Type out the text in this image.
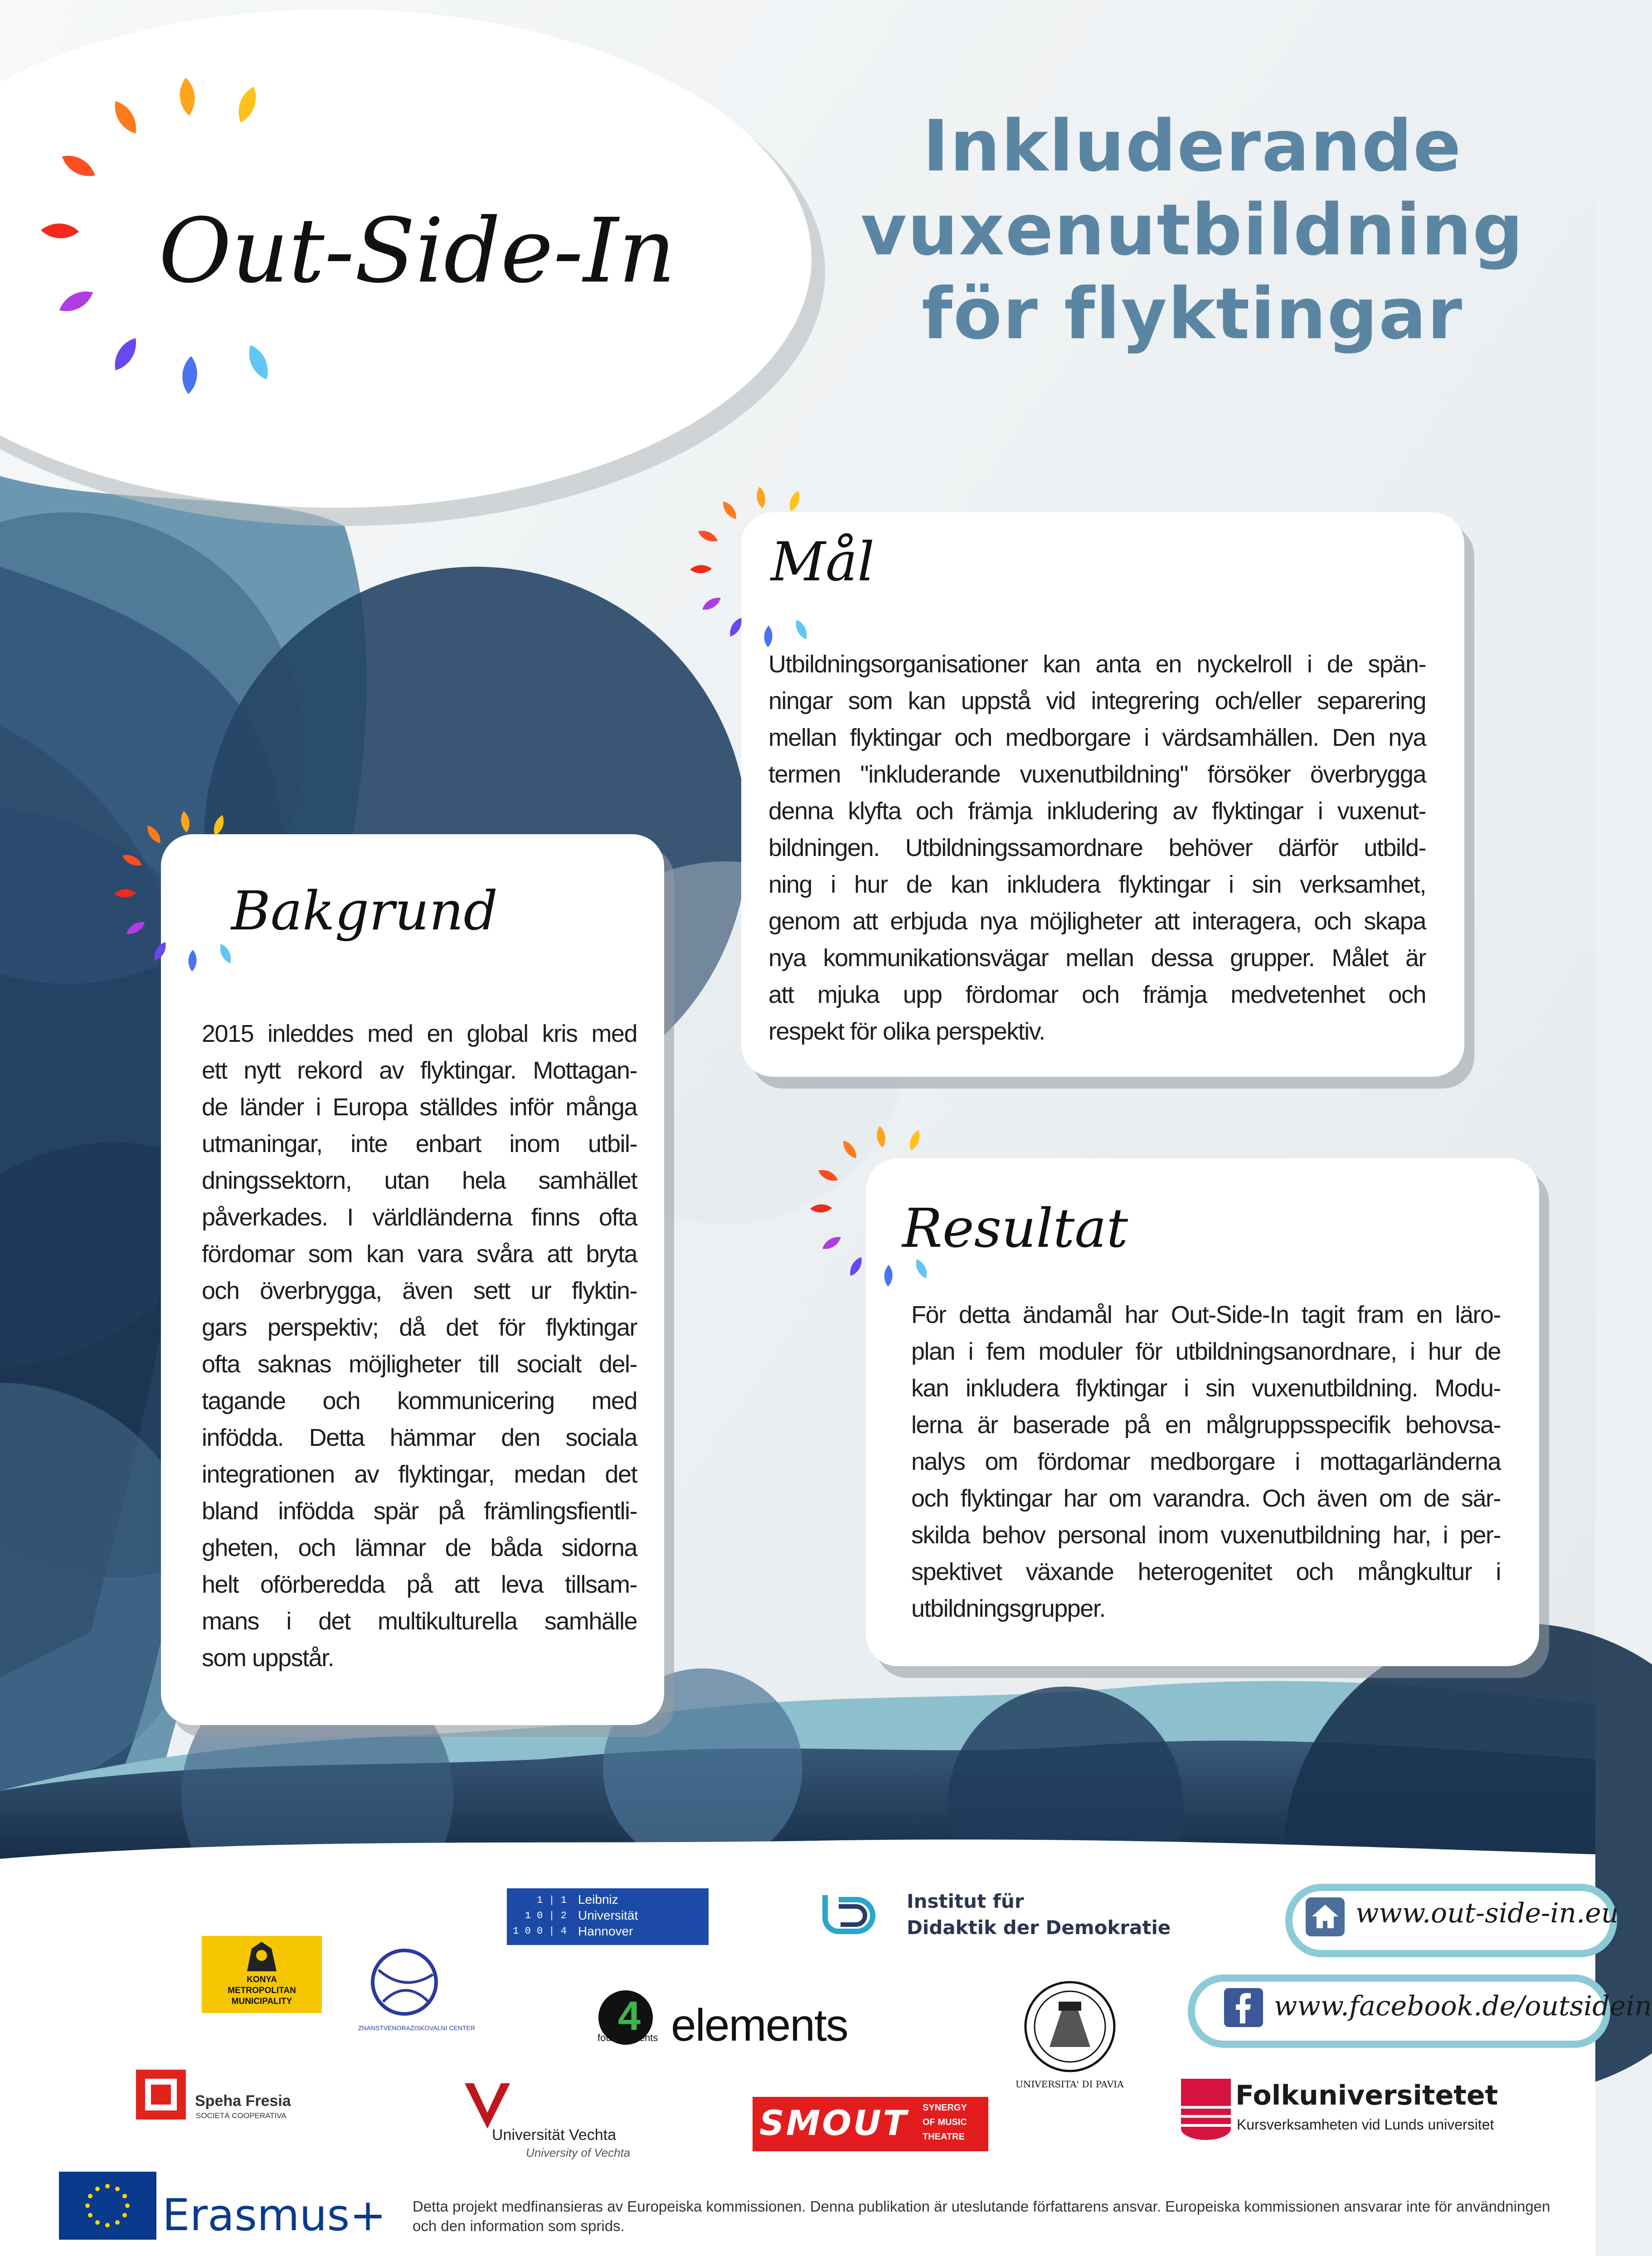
Out-Side-In
Inkluderande
vuxenutbildning
för flyktingar
Mål
Utbildningsorganisationer kan anta en nyckelroll i de spän-
ningar som kan uppstå vid integrering och/eller separering
mellan flyktingar och medborgare i värdsamhällen. Den nya
termen "inkluderande vuxenutbildning" försöker överbrygga
denna klyfta och främja inkludering av flyktingar i vuxenut-
bildningen. Utbildningssamordnare behöver därför utbild-
ning i hur de kan inkludera flyktingar i sin verksamhet,
genom att erbjuda nya möjligheter att interagera, och skapa
nya kommunikationsvägar mellan dessa grupper. Målet är
att mjuka upp fördomar och främja medvetenhet och
respekt för olika perspektiv.
Bakgrund
2015 inleddes med en global kris med
ett nytt rekord av flyktingar. Mottagan-
de länder i Europa ställdes inför många
utmaningar, inte enbart inom utbil-
dningssektorn, utan hela samhället
påverkades. I världländerna finns ofta
fördomar som kan vara svåra att bryta
och överbrygga, även sett ur flyktin-
gars perspektiv; då det för flyktingar
ofta saknas möjligheter till socialt del-
tagande och kommunicering med
infödda. Detta hämmar den sociala
integrationen av flyktingar, medan det
bland infödda spär på främlingsfientli-
gheten, och lämnar de båda sidorna
helt oförberedda på att leva tillsam-
mans i det multikulturella samhälle
som uppstår.
Resultat
För detta ändamål har Out-Side-In tagit fram en läro-
plan i fem moduler för utbildningsanordnare, i hur de
kan inkludera flyktingar i sin vuxenutbildning. Modu-
lerna är baserade på en målgruppsspecifik behovsa-
nalys om fördomar medborgare i mottagarländerna
och flyktingar har om varandra. Och även om de sär-
skilda behov personal inom vuxenutbildning har, i per-
spektivet växande heterogenitet och mångkultur i
utbildningsgrupper.
www.out-side-in.eu
www.facebook.de/outsidein
1 | 1
1 0 | 2
1 0 0 | 4
Leibniz
Universität
Hannover
Institut für
Didaktik der Demokratie
KONYA
METROPOLITAN
MUNICIPALITY
ZNANSTVENORAZISKOVALNI CENTER	4
four elements elements
UNIVERSITA' DI PAVIA
Speha Fresia
SOCIETÀ COOPERATIVA
Universität Vechta
University of Vechta
SMOUT SYNERGY
OF MUSIC
THEATRE
Folkuniversitetet
Kursverksamheten vid Lunds universitet
Erasmus+ Detta projekt medfinansieras av Europeiska kommissionen. Denna publikation är uteslutande författarens ansvar. Europeiska kommissionen ansvarar inte för användningen och den information som sprids.
